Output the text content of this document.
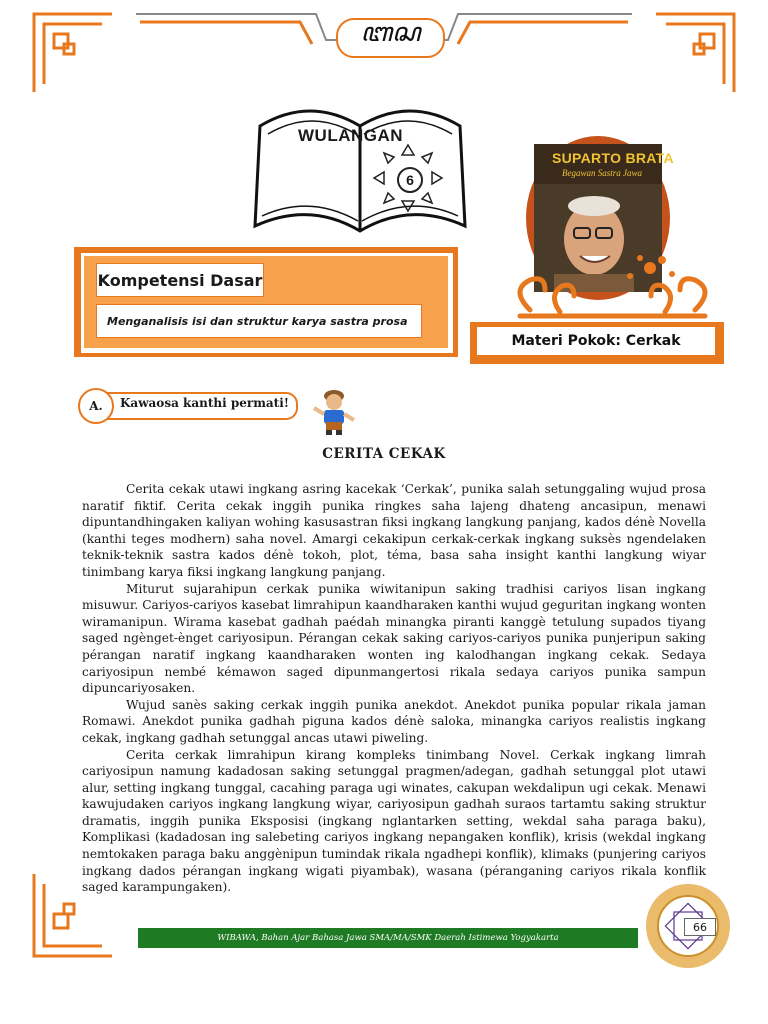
ꦧꦱ
WULANGAN
6
SUPARTO BRATA
Begawan Sastra Jawa
Materi Pokok: Cerkak
Kompetensi Dasar
Menganalisis isi dan struktur karya sastra prosa
A.	Kawaosa kanthi permati!
CERITA CEKAK

Cerita cekak utawi ingkang asring kacekak ‘Cerkak’, punika salah setunggaling wujud prosa naratif fiktif. Cerita cekak inggih punika ringkes saha lajeng dhateng ancasipun, menawi dipuntandhingaken kaliyan wohing kasusastran fiksi ingkang langkung panjang, kados dénè Novella (kanthi teges modhern) saha novel. Amargi cekakipun cerkak-cerkak ingkang suksès ngendelaken teknik-teknik sastra kados dénè tokoh, plot, téma, basa saha insight kanthi langkung wiyar tinimbang karya fiksi ingkang langkung panjang.

Miturut sujarahipun cerkak punika wiwitanipun saking tradhisi cariyos lisan ingkang misuwur. Cariyos-cariyos kasebat limrahipun kaandharaken kanthi wujud geguritan ingkang wonten wiramanipun. Wirama kasebat gadhah paédah minangka piranti kanggè tetulung supados tiyang saged ngènget-ènget cariyosipun. Pérangan cekak saking cariyos-cariyos punika punjeripun saking pérangan naratif ingkang kaandharaken wonten ing kalodhangan ingkang cekak. Sedaya cariyosipun nembé kémawon saged dipunmangertosi rikala sedaya cariyos punika sampun dipuncariyosaken.

Wujud sanès saking cerkak inggih punika anekdot. Anekdot punika popular rikala jaman Romawi. Anekdot punika gadhah piguna kados dénè saloka, minangka cariyos realistis ingkang cekak, ingkang gadhah setunggal ancas utawi piweling.

Cerita cerkak limrahipun kirang kompleks tinimbang Novel. Cerkak ingkang limrah cariyosipun namung kadadosan saking setunggal pragmen/adegan, gadhah setunggal plot utawi alur, setting ingkang tunggal, cacahing paraga ugi winates, cakupan wekdalipun ugi cekak. Menawi kawujudaken cariyos ingkang langkung wiyar, cariyosipun gadhah suraos tartamtu saking struktur dramatis, inggih punika Eksposisi (ingkang nglantarken setting, wekdal saha paraga baku), Komplikasi (kadadosan ing salebeting cariyos ingkang nepangaken konflik), krisis (wekdal ingkang nemtokaken paraga baku anggènipun tumindak rikala ngadhepi konflik), klimaks (punjering cariyos ingkang dados pérangan ingkang wigati piyambak), wasana (péranganing cariyos rikala konflik saged karampungaken).

WIBAWA, Bahan Ajar Bahasa Jawa SMA/MA/SMK Daerah Istimewa Yogyakarta
66
